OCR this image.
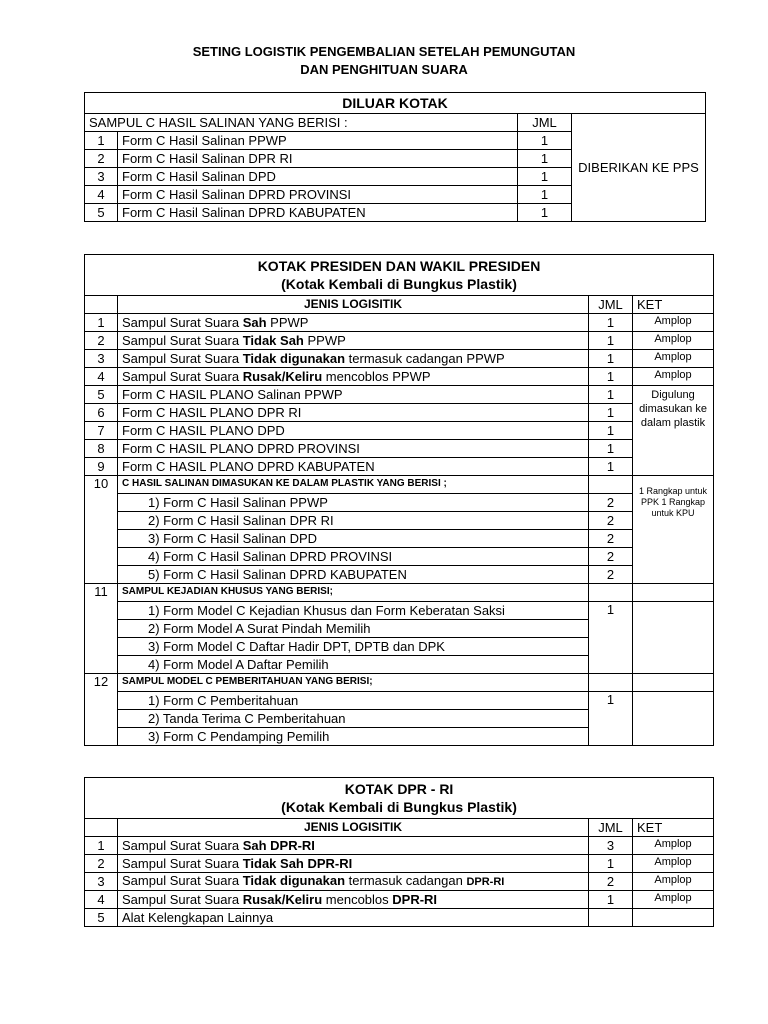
SETING LOGISTIK PENGEMBALIAN SETELAH PEMUNGUTAN
DAN PENGHITUAN SUARA
DILUAR KOTAK			
SAMPUL C HASIL SALINAN YANG BERISI :		JML	DIBERIKAN KE PPS
1	Form C Hasil Salinan PPWP	1	
2	Form C Hasil Salinan DPR RI	1	
3	Form C Hasil Salinan DPD	1	
4	Form C Hasil Salinan DPRD PROVINSI	1	
5	Form C Hasil Salinan DPRD KABUPATEN	1	
KOTAK PRESIDEN DAN WAKIL PRESIDEN
(Kotak Kembali di Bungkus Plastik)			

	JENIS LOGISITIK	JML	KET
1	Sampul Surat Suara Sah PPWP	1	Amplop
2	Sampul Surat Suara Tidak Sah PPWP	1	Amplop
3	Sampul Surat Suara Tidak digunakan termasuk cadangan PPWP	1	Amplop
4	Sampul Surat Suara Rusak/Keliru mencoblos PPWP	1	Amplop
5	Form C HASIL PLANO Salinan PPWP	1	Digulung dimasukan ke dalam plastik
6	Form C HASIL PLANO DPR RI	1	
7	Form C HASIL PLANO DPD	1	
8	Form C HASIL PLANO DPRD PROVINSI	1	
9	Form C HASIL PLANO DPRD KABUPATEN	1	
10	C HASIL SALINAN DIMASUKAN KE DALAM PLASTIK YANG BERISI ;		1 Rangkap untuk PPK 1 Rangkap untuk KPU
	1) Form C Hasil Salinan PPWP	2	
	2) Form C Hasil Salinan DPR RI	2	
	3) Form C Hasil Salinan DPD	2	
	4) Form C Hasil Salinan DPRD PROVINSI	2	
	5) Form C Hasil Salinan DPRD KABUPATEN	2	
11	SAMPUL KEJADIAN KHUSUS YANG BERISI;		
	1) Form Model C Kejadian Khusus dan Form Keberatan Saksi	1	
	2) Form Model A Surat Pindah Memilih		
	3) Form Model C Daftar Hadir DPT, DPTB dan DPK		
	4) Form Model A Daftar Pemilih		
12	SAMPUL MODEL C PEMBERITAHUAN YANG BERISI;		
	1) Form C Pemberitahuan	1	
	2) Tanda Terima C Pemberitahuan		
	3) Form C Pendamping Pemilih		
KOTAK DPR - RI
(Kotak Kembali di Bungkus Plastik)			

	JENIS LOGISITIK	JML	KET
1	Sampul Surat Suara Sah DPR-RI	3	Amplop
2	Sampul Surat Suara Tidak Sah DPR-RI	1	Amplop
3	Sampul Surat Suara Tidak digunakan termasuk cadangan DPR-RI	2	Amplop
4	Sampul Surat Suara Rusak/Keliru mencoblos DPR-RI	1	Amplop
5	Alat Kelengkapan Lainnya		
